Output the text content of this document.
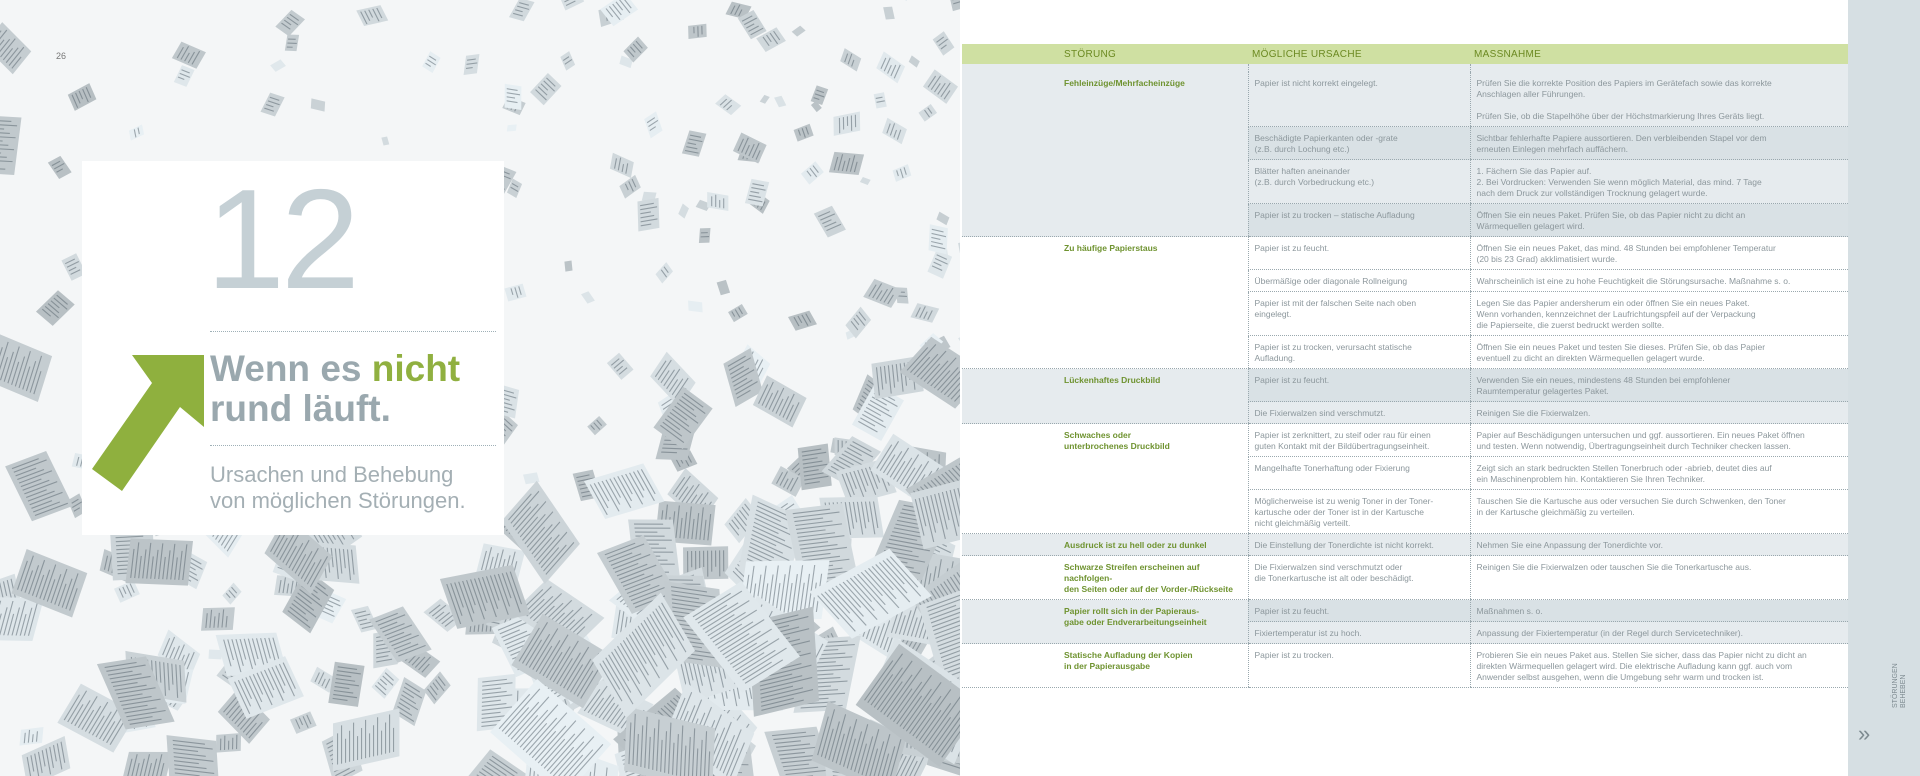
26
12
Wenn es nicht
rund läuft.
Ursachen und Behebung
von möglichen Störungen.
STÖRUNG	MÖGLICHE URSACHE	MASSNAHME

Fehleinzüge/Mehrfacheinzüge	Papier ist nicht korrekt eingelegt.	Prüfen Sie die korrekte Position des Papiers im Gerätefach sowie das korrekte
Anschlagen aller Führungen.
Prüfen Sie, ob die Stapelhöhe über der Höchstmarkierung Ihres Geräts liegt.

	Beschädigte Papierkanten oder -grate
(z.B. durch Lochung etc.)	Sichtbar fehlerhafte Papiere aussortieren. Den verbleibenden Stapel vor dem
erneuten Einlegen mehrfach auffächern.

	Blätter haften aneinander
(z.B. durch Vorbedruckung etc.)	1. Fächern Sie das Papier auf.
2. Bei Vordrucken: Verwenden Sie wenn möglich Material, das mind. 7 Tage
nach dem Druck zur vollständigen Trocknung gelagert wurde.

	Papier ist zu trocken – statische Aufladung	Öffnen Sie ein neues Paket. Prüfen Sie, ob das Papier nicht zu dicht an
Wärmequellen gelagert wird.

Zu häufige Papierstaus	Papier ist zu feucht.	Öffnen Sie ein neues Paket, das mind. 48 Stunden bei empfohlener Temperatur
(20 bis 23 Grad) akklimatisiert wurde.

	Übermäßige oder diagonale Rollneigung	Wahrscheinlich ist eine zu hohe Feuchtigkeit die Störungsursache. Maßnahme s. o.

	Papier ist mit der falschen Seite nach oben
eingelegt.	Legen Sie das Papier andersherum ein oder öffnen Sie ein neues Paket.
Wenn vorhanden, kennzeichnet der Laufrichtungspfeil auf der Verpackung
die Papierseite, die zuerst bedruckt werden sollte.

	Papier ist zu trocken, verursacht statische
Aufladung.	Öffnen Sie ein neues Paket und testen Sie dieses. Prüfen Sie, ob das Papier
eventuell zu dicht an direkten Wärmequellen gelagert wurde.

Lückenhaftes Druckbild	Papier ist zu feucht.	Verwenden Sie ein neues, mindestens 48 Stunden bei empfohlener
Raumtemperatur gelagertes Paket.

	Die Fixierwalzen sind verschmutzt.	Reinigen Sie die Fixierwalzen.

Schwaches oder
unterbrochenes Druckbild	Papier ist zerknittert, zu steif oder rau für einen
guten Kontakt mit der Bildübertragungseinheit.	Papier auf Beschädigungen untersuchen und ggf. aussortieren. Ein neues Paket öffnen
und testen. Wenn notwendig, Übertragungseinheit durch Techniker checken lassen.

	Mangelhafte Tonerhaftung oder Fixierung	Zeigt sich an stark bedruckten Stellen Tonerbruch oder -abrieb, deutet dies auf
ein Maschinenproblem hin. Kontaktieren Sie Ihren Techniker.

	Möglicherweise ist zu wenig Toner in der Toner-
kartusche oder der Toner ist in der Kartusche
nicht gleichmäßig verteilt.	Tauschen Sie die Kartusche aus oder versuchen Sie durch Schwenken, den Toner
in der Kartusche gleichmäßig zu verteilen.

Ausdruck ist zu hell oder zu dunkel	Die Einstellung der Tonerdichte ist nicht korrekt.	Nehmen Sie eine Anpassung der Tonerdichte vor.

Schwarze Streifen erscheinen auf nachfolgen-
den Seiten oder auf der Vorder-/Rückseite	Die Fixierwalzen sind verschmutzt oder
die Tonerkartusche ist alt oder beschädigt.	Reinigen Sie die Fixierwalzen oder tauschen Sie die Tonerkartusche aus.

Papier rollt sich in der Papieraus-
gabe oder Endverarbeitungseinheit	Papier ist zu feucht.	Maßnahmen s. o.

	Fixiertemperatur ist zu hoch.	Anpassung der Fixiertemperatur (in der Regel durch Servicetechniker).

Statische Aufladung der Kopien
in der Papierausgabe	Papier ist zu trocken.	Probieren Sie ein neues Paket aus. Stellen Sie sicher, dass das Papier nicht zu dicht an
direkten Wärmequellen gelagert wird. Die elektrische Aufladung kann ggf. auch vom
Anwender selbst ausgehen, wenn die Umgebung sehr warm und trocken ist.
»
STÖRUNGEN BEHEBEN
